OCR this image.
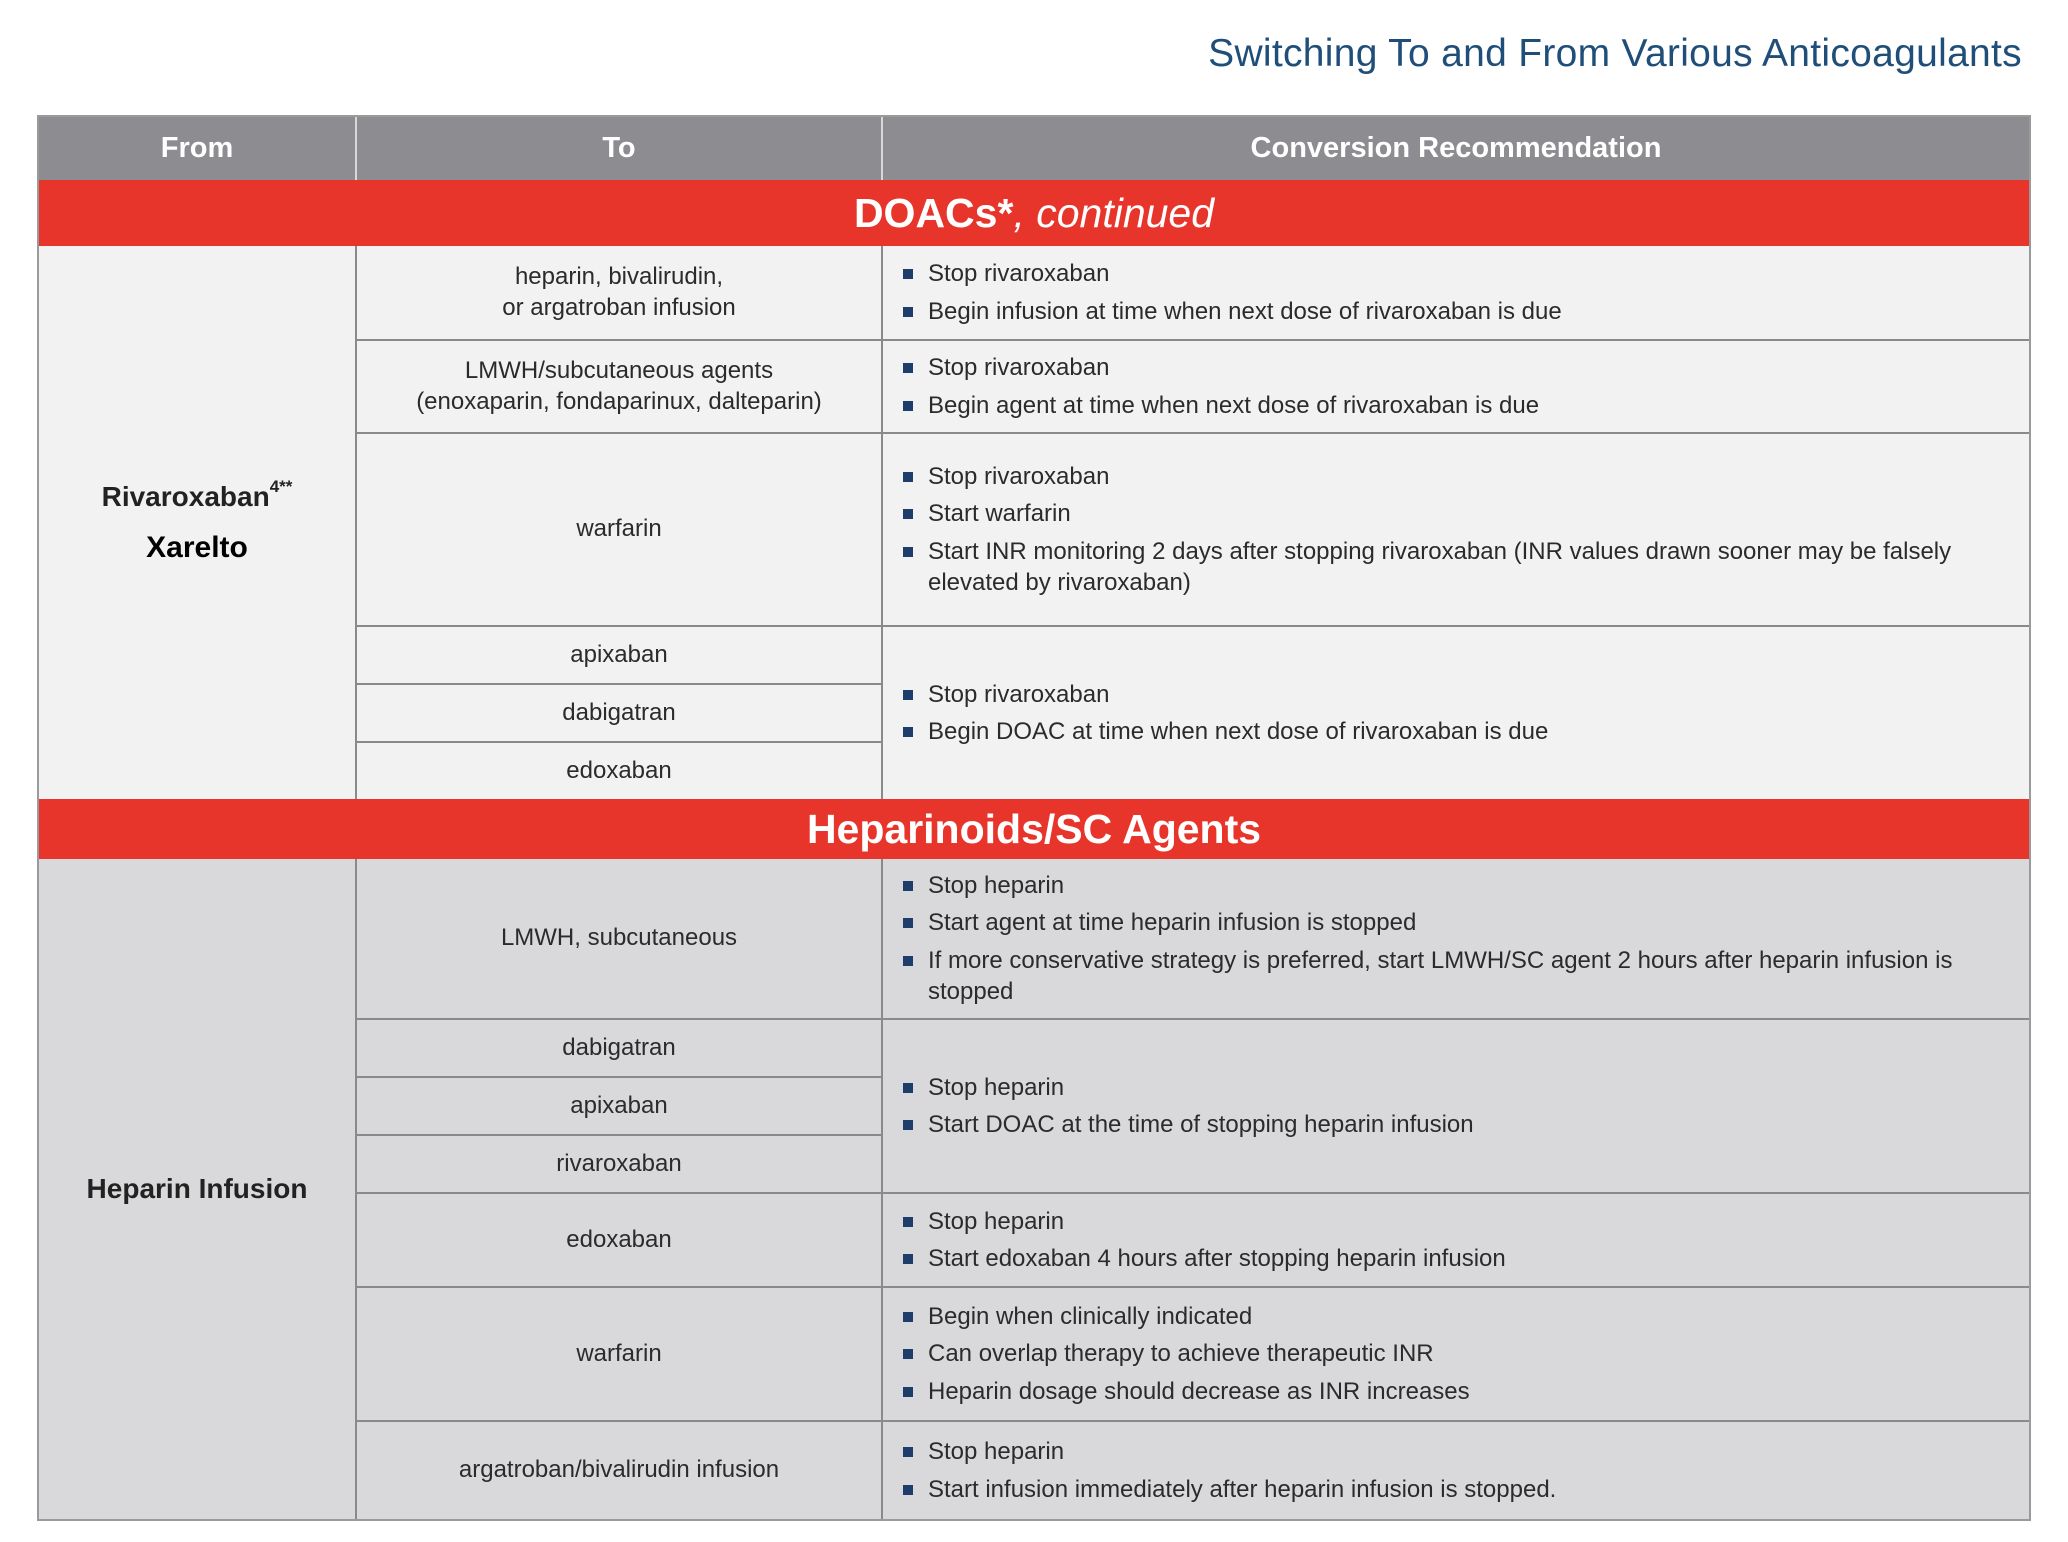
Switching To and From Various Anticoagulants
From	To	Conversion Recommendation
DOACs* , continued
Rivaroxaban$^{4**}$
Xarelto
heparin, bivalirudin,
or argatroban infusion
LMWH/subcutaneous agents
(enoxaparin, fondaparinux, dalteparin)
warfarin
apixaban
dabigatran
edoxaban
Stop rivaroxaban
Begin infusion at time when next dose of rivaroxaban is due
Stop rivaroxaban
Begin agent at time when next dose of rivaroxaban is due
Stop rivaroxaban
Start warfarin
Start INR monitoring 2 days after stopping rivaroxaban (INR values drawn sooner may be falsely elevated by rivaroxaban)
Stop rivaroxaban
Begin DOAC at time when next dose of rivaroxaban is due
Heparinoids/SC Agents
Heparin Infusion
LMWH, subcutaneous
dabigatran
apixaban
rivaroxaban
edoxaban
warfarin
argatroban/bivalirudin infusion
Stop heparin
Start agent at time heparin infusion is stopped
If more conservative strategy is preferred, start LMWH/SC agent 2 hours after heparin infusion is stopped
Stop heparin
Start DOAC at the time of stopping heparin infusion
Stop heparin
Start edoxaban 4 hours after stopping heparin infusion
Begin when clinically indicated
Can overlap therapy to achieve therapeutic INR
Heparin dosage should decrease as INR increases
Stop heparin
Start infusion immediately after heparin infusion is stopped.
